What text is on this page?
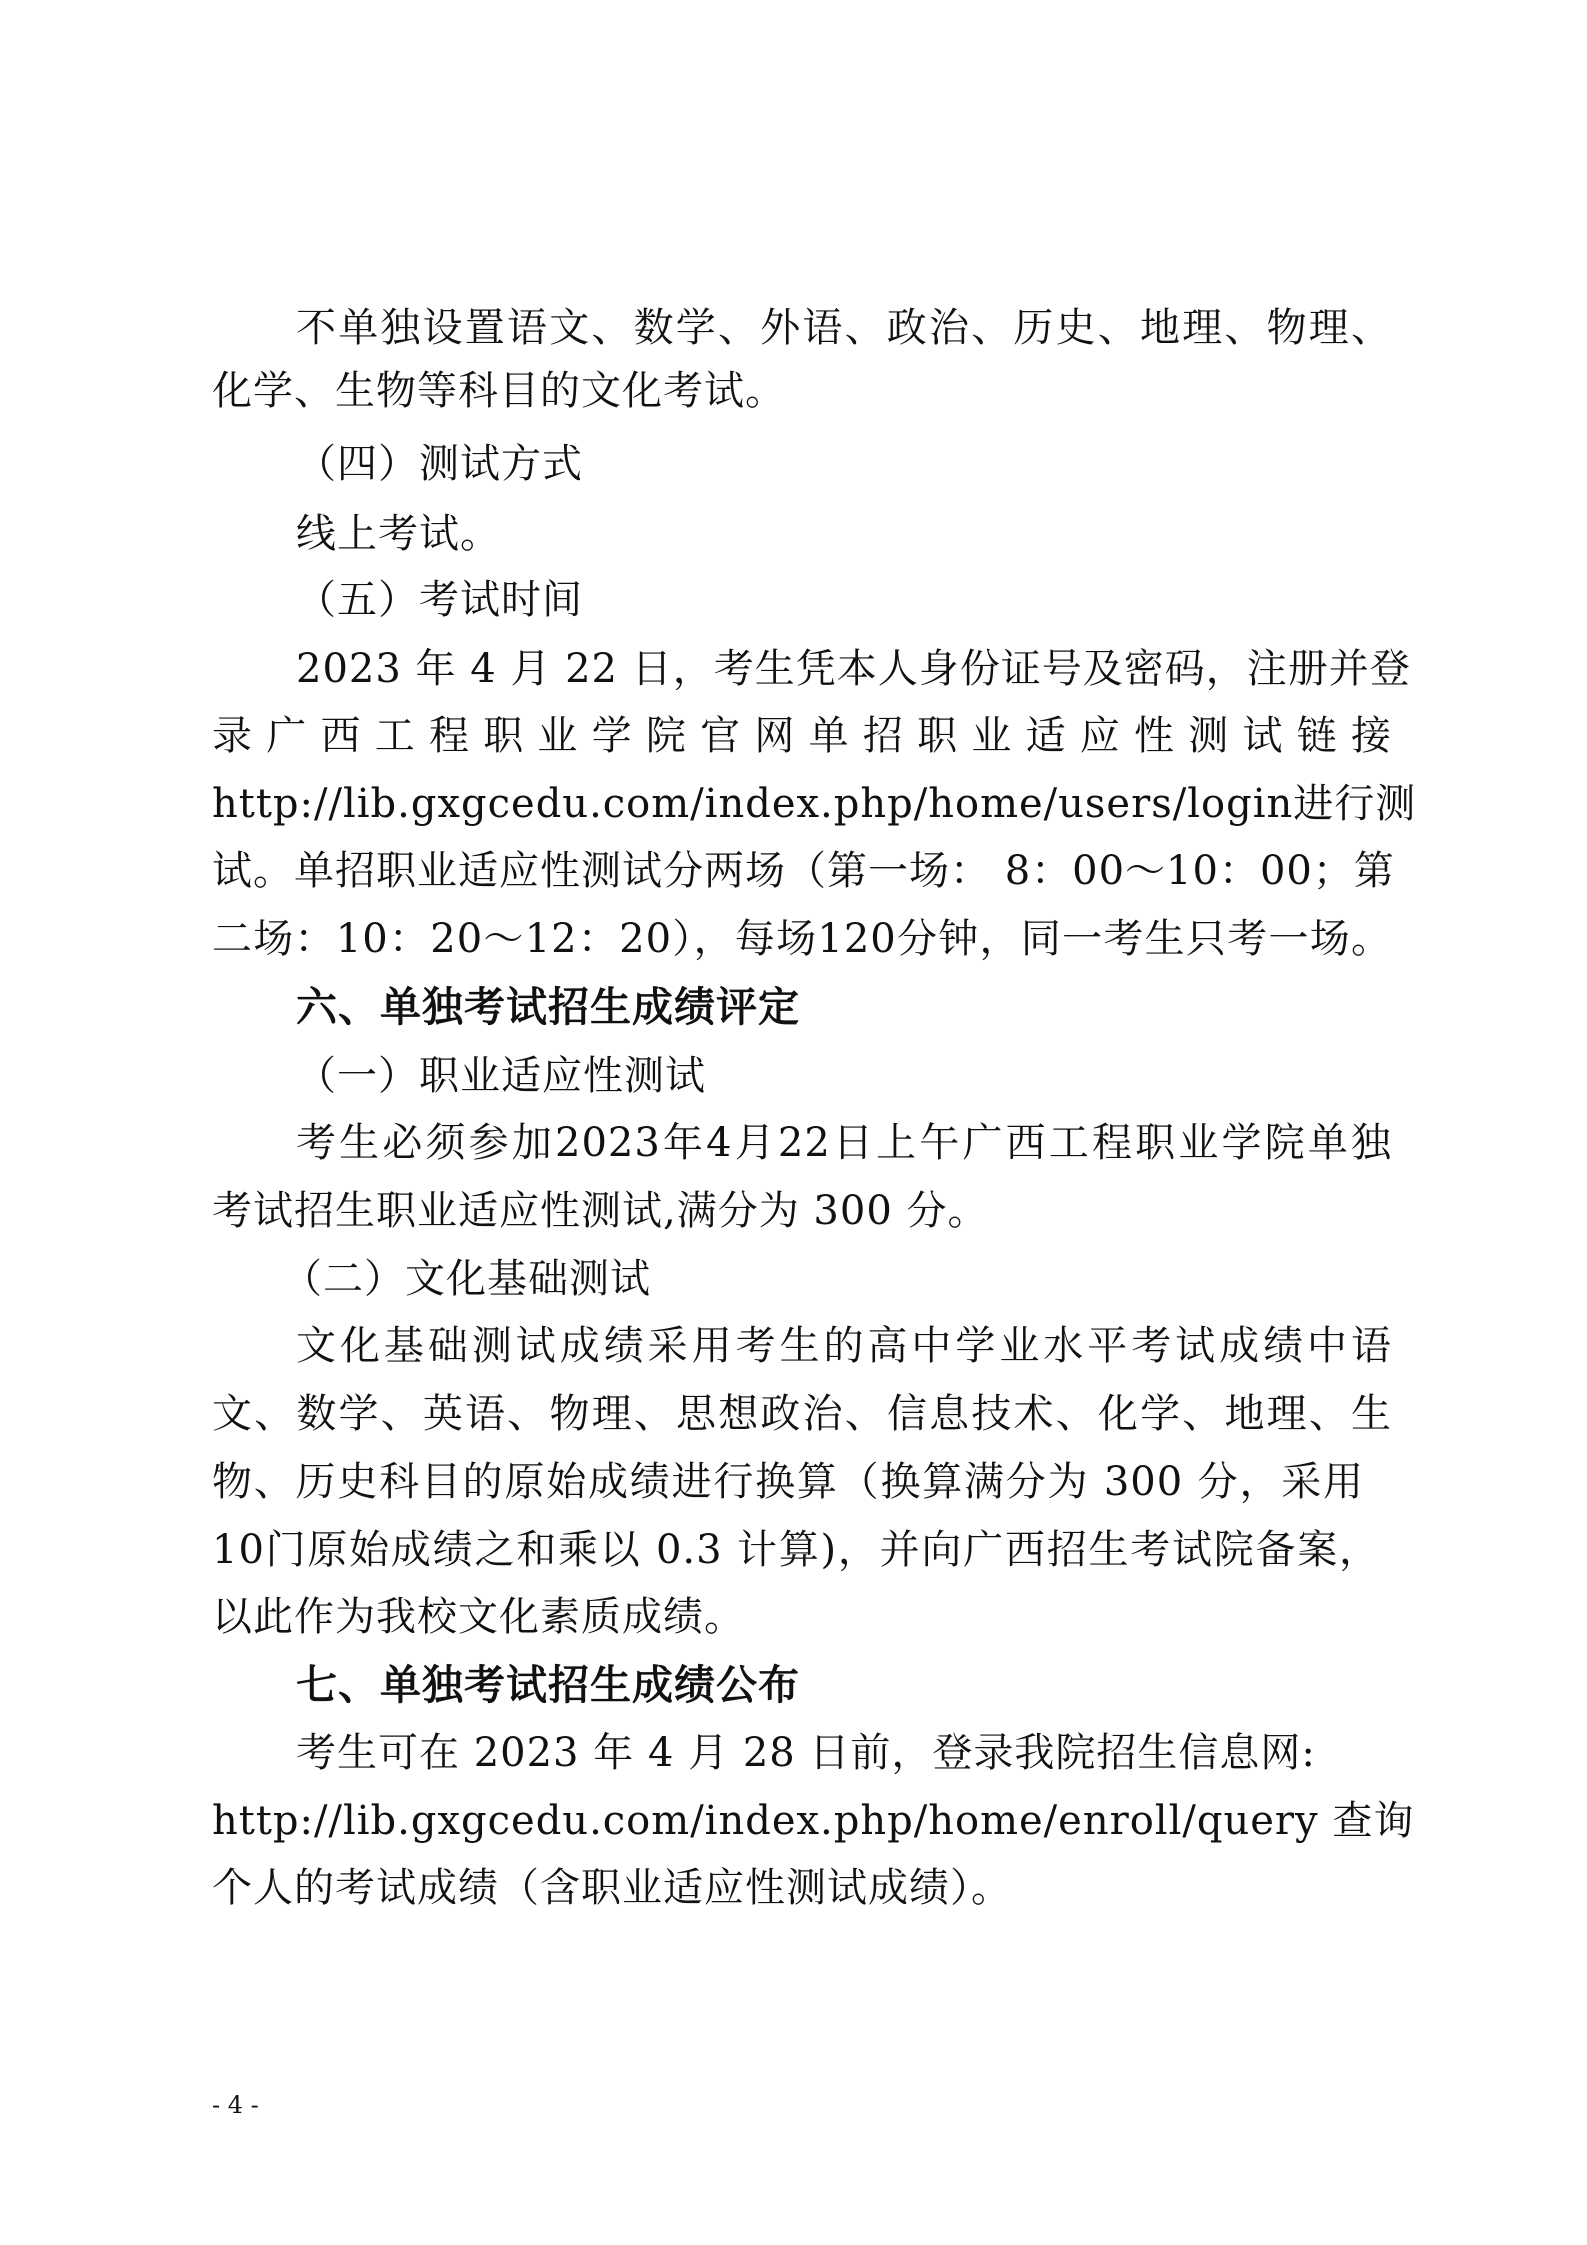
不单独设置语文、数学、外语、政治、历史、地理、物理、
化学、生物等科目的文化考试。
（四）测试方式
线上考试。
（五）考试时间
2023 年 4 月 22 日，考生凭本人身份证号及密码，注册并登
录广西工程职业学院官网单招职业适应性测试链接
http://lib.gxgcedu.com/index.php/home/users/login进行测
试。单招职业适应性测试分两场（第一场： 8：00～10：00；第
二场：10：20～12：20），每场120分钟，同一考生只考一场。
六、单独考试招生成绩评定
（一）职业适应性测试
考生必须参加2023年4月22日上午广西工程职业学院单独
考试招生职业适应性测试,满分为 300 分。
（二）文化基础测试
文化基础测试成绩采用考生的高中学业水平考试成绩中语
文、数学、英语、物理、思想政治、信息技术、化学、地理、生
物、历史科目的原始成绩进行换算（换算满分为 300 分，采用
10门原始成绩之和乘以 0.3 计算)，并向广西招生考试院备案，
以此作为我校文化素质成绩。
七、单独考试招生成绩公布
考生可在 2023 年 4 月 28 日前，登录我院招生信息网:
http://lib.gxgcedu.com/index.php/home/enroll/query 查询
个人的考试成绩（含职业适应性测试成绩）。
- 4 -
